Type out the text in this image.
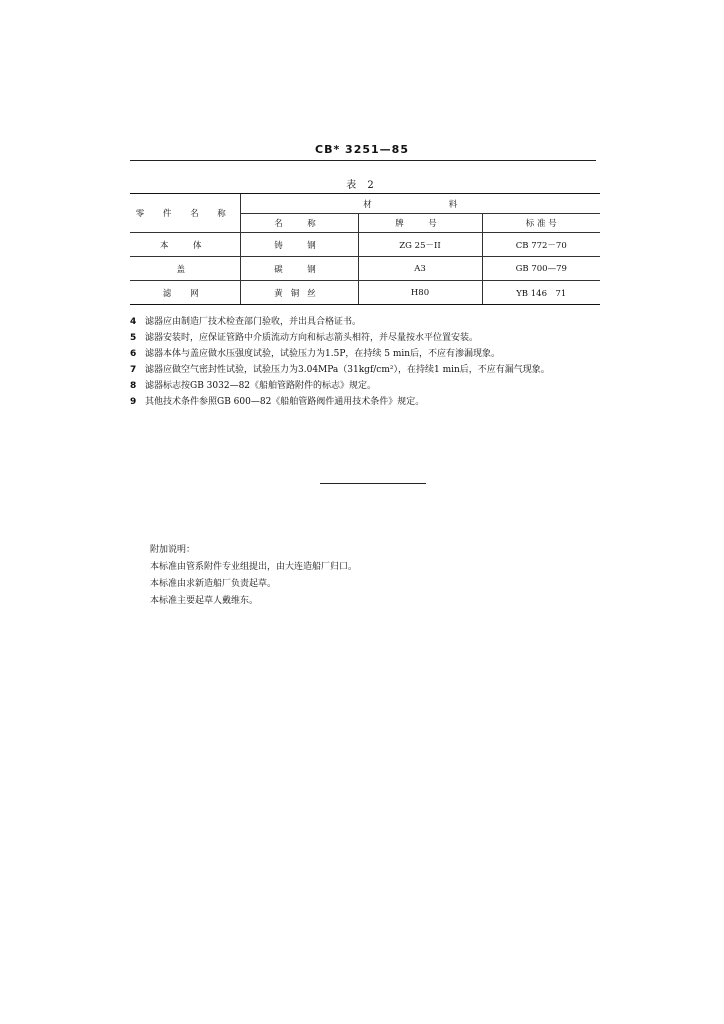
CB* 3251—85
表 2
零 件 名 称	材　　料		
	名　称	牌　号	标 准 号
本　体	铸　钢	ZG 25－II	CB 772－70
盖	碳　钢	A3	GB 700—79
滤 网	黄铜丝	H80	YB 146　71

4 滤器应由制造厂技术检查部门验收，并出具合格证书。

5 滤器安装时，应保证管路中介质流动方向和标志箭头相符，并尽量按水平位置安装。

6 滤器本体与盖应做水压强度试验，试验压力为1.5P，在持续 5 min后，不应有渗漏现象。

7 滤器应做空气密封性试验，试验压力为3.04MPa（31kgf/cm²），在持续1 min后，不应有漏气现象。

8 滤器标志按GB 3032—82《船舶管路附件的标志》规定。

9 其他技术条件参照GB 600—82《船舶管路阀件通用技术条件》规定。

附加说明：

本标准由管系附件专业组提出，由大连造船厂归口。

本标准由求新造船厂负责起草。

本标准主要起草人戴维东。
